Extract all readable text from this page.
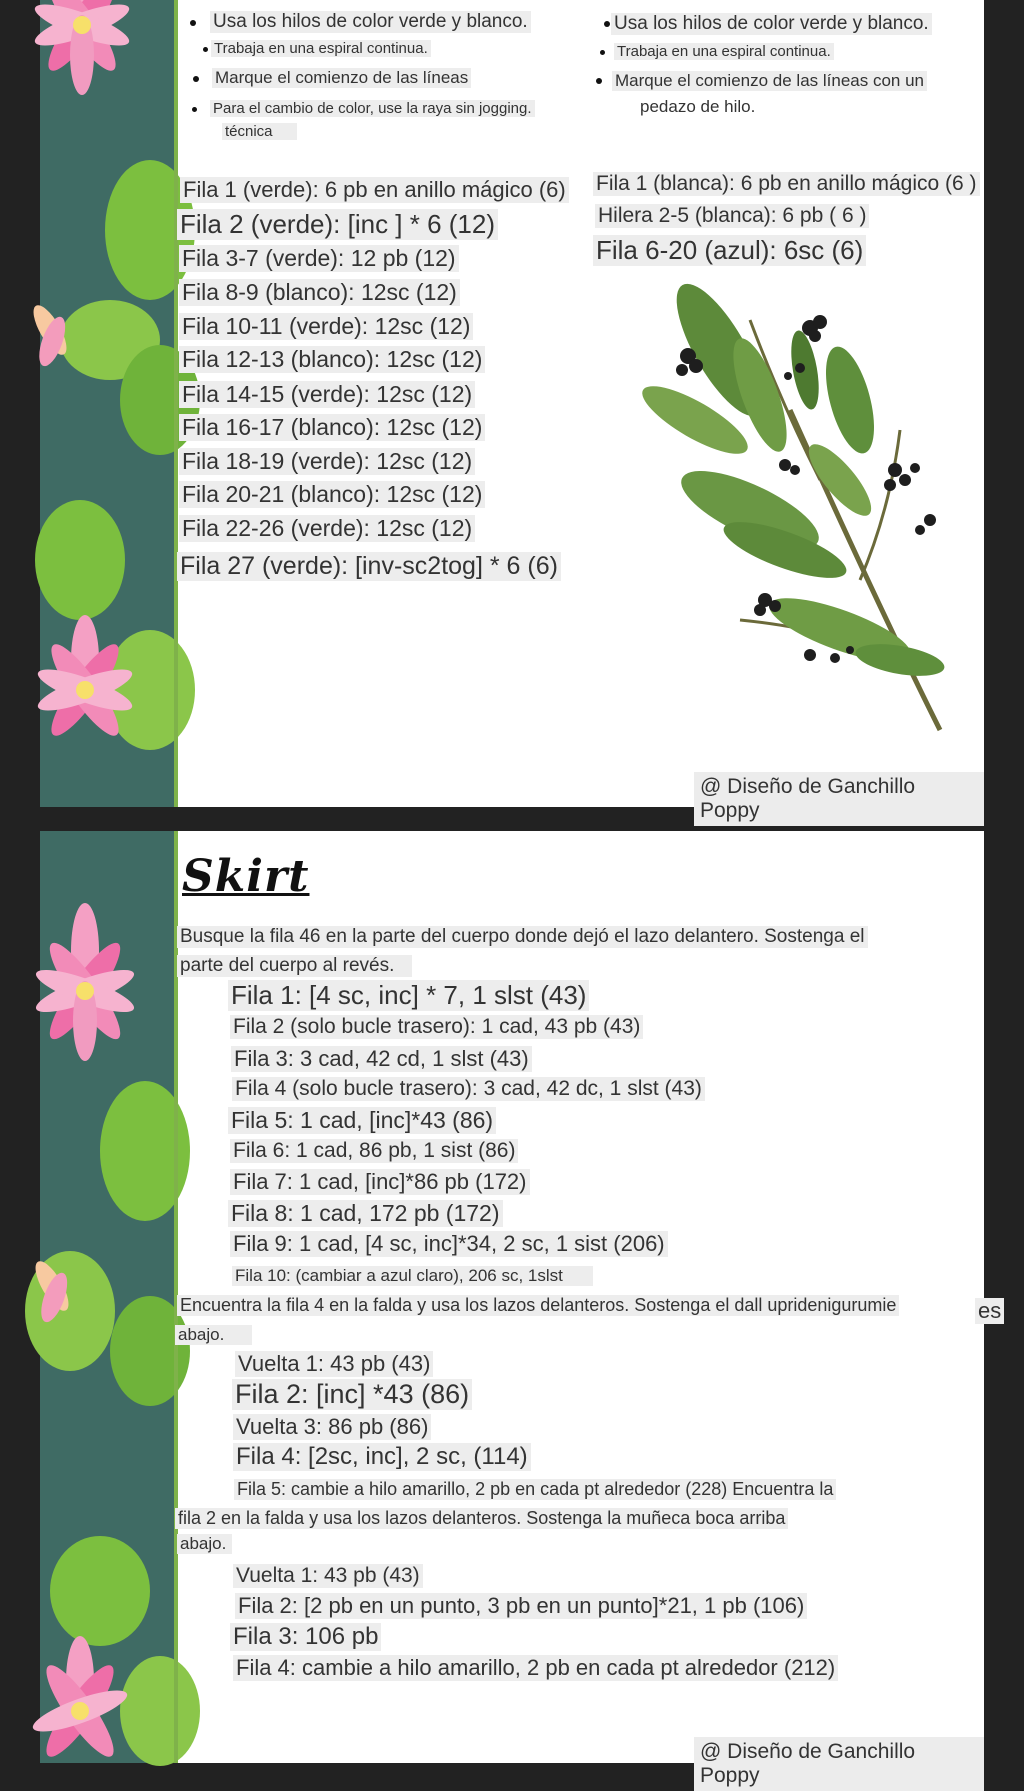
Usa los hilos de color verde y blanco.
Trabaja en una espiral continua.
Marque el comienzo de las líneas
Para el cambio de color, use la raya sin jogging.
técnica
Usa los hilos de color verde y blanco.
Trabaja en una espiral continua.
Marque el comienzo de las líneas con un
pedazo de hilo.
Fila 1 (verde): 6 pb en anillo mágico (6)
Fila 2 (verde): [inc ] * 6 (12)
Fila 3-7 (verde): 12 pb (12)
Fila 8-9 (blanco): 12sc (12)
Fila 10-11 (verde): 12sc (12)
Fila 12-13 (blanco): 12sc (12)
Fila 14-15 (verde): 12sc (12)
Fila 16-17 (blanco): 12sc (12)
Fila 18-19 (verde): 12sc (12)
Fila 20-21 (blanco): 12sc (12)
Fila 22-26 (verde): 12sc (12)
Fila 27 (verde): [inv-sc2tog] * 6 (6)
Fila 1 (blanca): 6 pb en anillo mágico (6 )
Hilera 2-5 (blanca): 6 pb ( 6 )
Fila 6-20 (azul): 6sc (6)
@ Diseño de Ganchillo Poppy
Skirt
Busque la fila 46 en la parte del cuerpo donde dejó el lazo delantero. Sostenga el
parte del cuerpo al revés.
Fila 1: [4 sc, inc] * 7, 1 slst (43)
Fila 2 (solo bucle trasero): 1 cad, 43 pb (43)
Fila 3: 3 cad, 42 cd, 1 slst (43)
Fila 4 (solo bucle trasero): 3 cad, 42 dc, 1 slst (43)
Fila 5: 1 cad, [inc]*43 (86)
Fila 6: 1 cad, 86 pb, 1 sist (86)
Fila 7: 1 cad, [inc]*86 pb (172)
Fila 8: 1 cad, 172 pb (172)
Fila 9: 1 cad, [4 sc, inc]*34, 2 sc, 1 sist (206)
Fila 10: (cambiar a azul claro), 206 sc, 1slst
Encuentra la fila 4 en la falda y usa los lazos delanteros. Sostenga el dall upridenigurumie	es
abajo.
Vuelta 1: 43 pb (43)
Fila 2: [inc] *43 (86)
Vuelta 3: 86 pb (86)
Fila 4: [2sc, inc], 2 sc, (114)
Fila 5: cambie a hilo amarillo, 2 pb en cada pt alrededor (228) Encuentra la
fila 2 en la falda y usa los lazos delanteros. Sostenga la muñeca boca arriba
abajo.
Vuelta 1: 43 pb (43)
Fila 2: [2 pb en un punto, 3 pb en un punto]*21, 1 pb (106)
Fila 3: 106 pb
Fila 4: cambie a hilo amarillo, 2 pb en cada pt alrededor (212)
@ Diseño de Ganchillo Poppy
